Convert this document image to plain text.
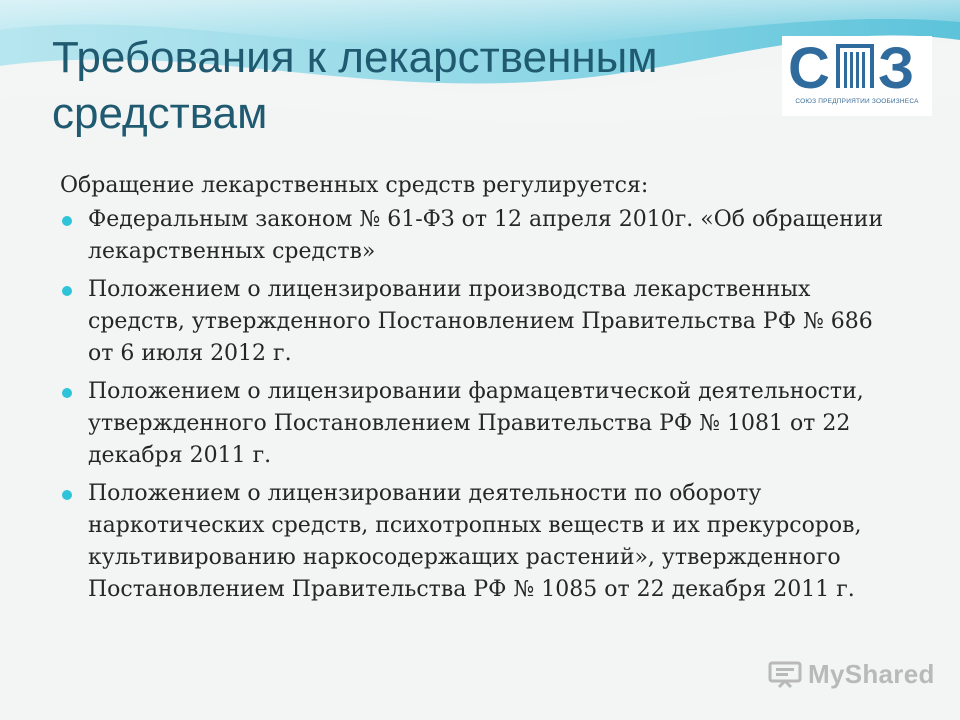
Требования к лекарственным средствам
С З
СОЮЗ ПРЕДПРИЯТИЙ ЗООБИЗНЕСА

Обращение лекарственных средств регулируется:

Федеральным законом № 61-ФЗ от 12 апреля 2010г. «Об обращении лекарственных средств»
Положением о лицензировании производства лекарственных средств, утвержденного Постановлением Правительства РФ № 686 от 6 июля 2012 г.
Положением о лицензировании фармацевтической деятельности, утвержденного Постановлением Правительства РФ № 1081 от 22 декабря 2011 г.
Положением о лицензировании деятельности по обороту наркотических средств, психотропных веществ и их прекурсоров, культивированию наркосодержащих растений», утвержденного Постановлением Правительства РФ № 1085 от 22 декабря 2011 г.
MyShared
